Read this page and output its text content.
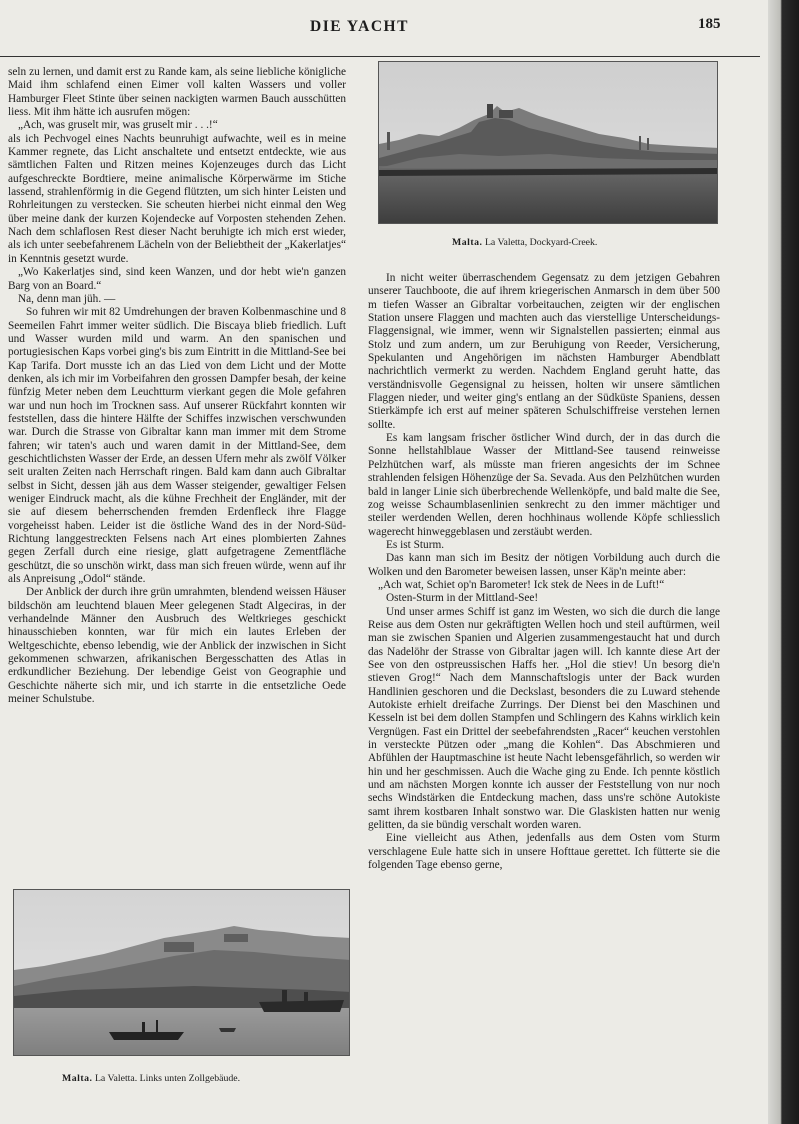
DIE YACHT	185

seln zu lernen, und damit erst zu Rande kam, als seine liebliche königliche Maid ihm schlafend einen Eimer voll kalten Wassers und voller Hamburger Fleet Stinte über seinen nackigten warmen Bauch ausschütten liess. Mit ihm hätte ich ausrufen mögen:

„Ach, was gruselt mir, was gruselt mir . . .!“

als ich Pechvogel eines Nachts beunruhigt aufwachte, weil es in meine Kammer regnete, das Licht anschaltete und entsetzt entdeckte, wie aus sämtlichen Falten und Ritzen meines Kojenzeuges durch das Licht aufgeschreckte Bordtiere, meine animalische Körperwärme im Stiche lassend, strahlenförmig in die Gegend flützten, um sich hinter Leisten und Rohrleitungen zu verstecken. Sie scheuten hierbei nicht einmal den Weg über meine dank der kurzen Kojendecke auf Vorposten stehenden Zehen. Nach dem schlaflosen Rest dieser Nacht beruhigte ich mich erst wieder, als ich unter seebefahrenem Lächeln von der Beliebtheit der „Kakerlatjes“ in Kenntnis gesetzt wurde.

„Wo Kakerlatjes sind, sind keen Wanzen, und dor hebt wie'n ganzen Barg von an Board.“

Na, denn man jüh. —

So fuhren wir mit 82 Umdrehungen der braven Kolbenmaschine und 8 Seemeilen Fahrt immer weiter südlich. Die Biscaya blieb friedlich. Luft und Wasser wurden mild und warm. An den spanischen und portugiesischen Kaps vorbei ging's bis zum Eintritt in die Mittland-See bei Kap Tarifa. Dort musste ich an das Lied von dem Licht und der Motte denken, als ich mir im Vorbeifahren den grossen Dampfer besah, der keine fünfzig Meter neben dem Leuchtturm vierkant gegen die Mole gefahren war und nun hoch im Trocknen sass. Auf unserer Rückfahrt konnten wir feststellen, dass die hintere Hälfte der Schiffes inzwischen verschwunden war. Durch die Strasse von Gibraltar kann man immer mit dem Strome fahren; wir taten's auch und waren damit in der Mittland-See, dem geschichtlichsten Wasser der Erde, an dessen Ufern mehr als zwölf Völker seit uralten Zeiten nach Herrschaft ringen. Bald kam dann auch Gibraltar selbst in Sicht, dessen jäh aus dem Wasser steigender, gewaltiger Felsen weniger Eindruck macht, als die kühne Frechheit der Engländer, mit der sie auf diesem beherrschenden fremden Erdenfleck ihre Flagge vorgeheisst haben. Leider ist die östliche Wand des in der Nord-Süd-Richtung langgestreckten Felsens nach Art eines plombierten Zahnes gegen Zerfall durch eine riesige, glatt aufgetragene Zementfläche geschützt, die so unschön wirkt, dass man sich freuen würde, wenn auf ihr als Anpreisung „Odol“ stände.

Der Anblick der durch ihre grün umrahmten, blendend weissen Häuser bildschön am leuchtend blauen Meer gelegenen Stadt Algeciras, in der verhandelnde Männer den Ausbruch des Weltkrieges geschickt hinausschieben konnten, war für mich ein lautes Erleben der Weltgeschichte, ebenso lebendig, wie der Anblick der inzwischen in Sicht gekommenen schwarzen, afrikanischen Bergesschatten des Atlas in erdkundlicher Beziehung. Der lebendige Geist von Geographie und Geschichte näherte sich mir, und ich starrte in die entsetzliche Oede meiner Schulstube.

Malta. La Valetta, Dockyard-Creek.

In nicht weiter überraschendem Gegensatz zu dem jetzigen Gebahren unserer Tauchboote, die auf ihrem kriegerischen Anmarsch in dem über 500 m tiefen Wasser an Gibraltar vorbeitauchen, zeigten wir der englischen Station unsere Flaggen und machten auch das vierstellige Unterscheidungs-Flaggensignal, wie immer, wenn wir Signalstellen passierten; einmal aus Stolz und zum andern, um zur Beruhigung von Reeder, Versicherung, Spekulanten und Angehörigen im nächsten Hamburger Abendblatt nachrichtlich vermerkt zu werden. Nachdem England geruht hatte, das verständnisvolle Gegensignal zu heissen, holten wir unsere sämtlichen Flaggen nieder, und weiter ging's entlang an der Südküste Spaniens, dessen Stierkämpfe ich erst auf meiner späteren Schulschiffreise verstehen lernen sollte.

Es kam langsam frischer östlicher Wind durch, der in das durch die Sonne hellstahlblaue Wasser der Mittland-See tausend reinweisse Pelzhütchen warf, als müsste man frieren angesichts der im Schnee strahlenden felsigen Höhenzüge der Sa. Sevada. Aus den Pelzhütchen wurden bald in langer Linie sich überbrechende Wellenköpfe, und bald malte die See, zog weisse Schaumblasenlinien senkrecht zu den immer mächtiger und steiler werdenden Wellen, deren hochhinaus wollende Köpfe schliesslich wagerecht hinweggeblasen und zerstäubt werden.

Es ist Sturm.

Das kann man sich im Besitz der nötigen Vorbildung auch durch die Wolken und den Barometer beweisen lassen, unser Käp'n meinte aber:

„Ach wat, Schiet op'n Barometer! Ick stek de Nees in de Luft!“

Osten-Sturm in der Mittland-See!

Und unser armes Schiff ist ganz im Westen, wo sich die durch die lange Reise aus dem Osten nur gekräftigten Wellen hoch und steil auftürmen, weil man sie zwischen Spanien und Algerien zusammengestaucht hat und durch das Nadelöhr der Strasse von Gibraltar jagen will. Ich kannte diese Art der See von den ostpreussischen Haffs her. „Hol die stiev! Un besorg die'n stieven Grog!“ Nach dem Mannschaftslogis unter der Back wurden Handlinien geschoren und die Deckslast, besonders die zu Luward stehende Autokiste erhielt dreifache Zurrings. Der Dienst bei den Maschinen und Kesseln ist bei dem dollen Stampfen und Schlingern des Kahns wirklich kein Vergnügen. Fast ein Drittel der seebefahrendsten „Racer“ keuchen verstohlen in versteckte Pützen oder „mang die Kohlen“. Das Abschmieren und Abfühlen der Hauptmaschine ist heute Nacht lebensgefährlich, so werden wir hin und her geschmissen. Auch die Wache ging zu Ende. Ich pennte köstlich und am nächsten Morgen konnte ich ausser der Feststellung von nur noch sechs Windstärken die Entdeckung machen, dass uns're schöne Autokiste samt ihrem kostbaren Inhalt sonstwo war. Die Glaskisten hatten nur wenig gelitten, da sie bündig verschalt worden waren.

Eine vielleicht aus Athen, jedenfalls aus dem Osten vom Sturm verschlagene Eule hatte sich in unsere Hofttaue gerettet. Ich fütterte sie die folgenden Tage ebenso gerne,

Malta. La Valetta. Links unten Zollgebäude.
